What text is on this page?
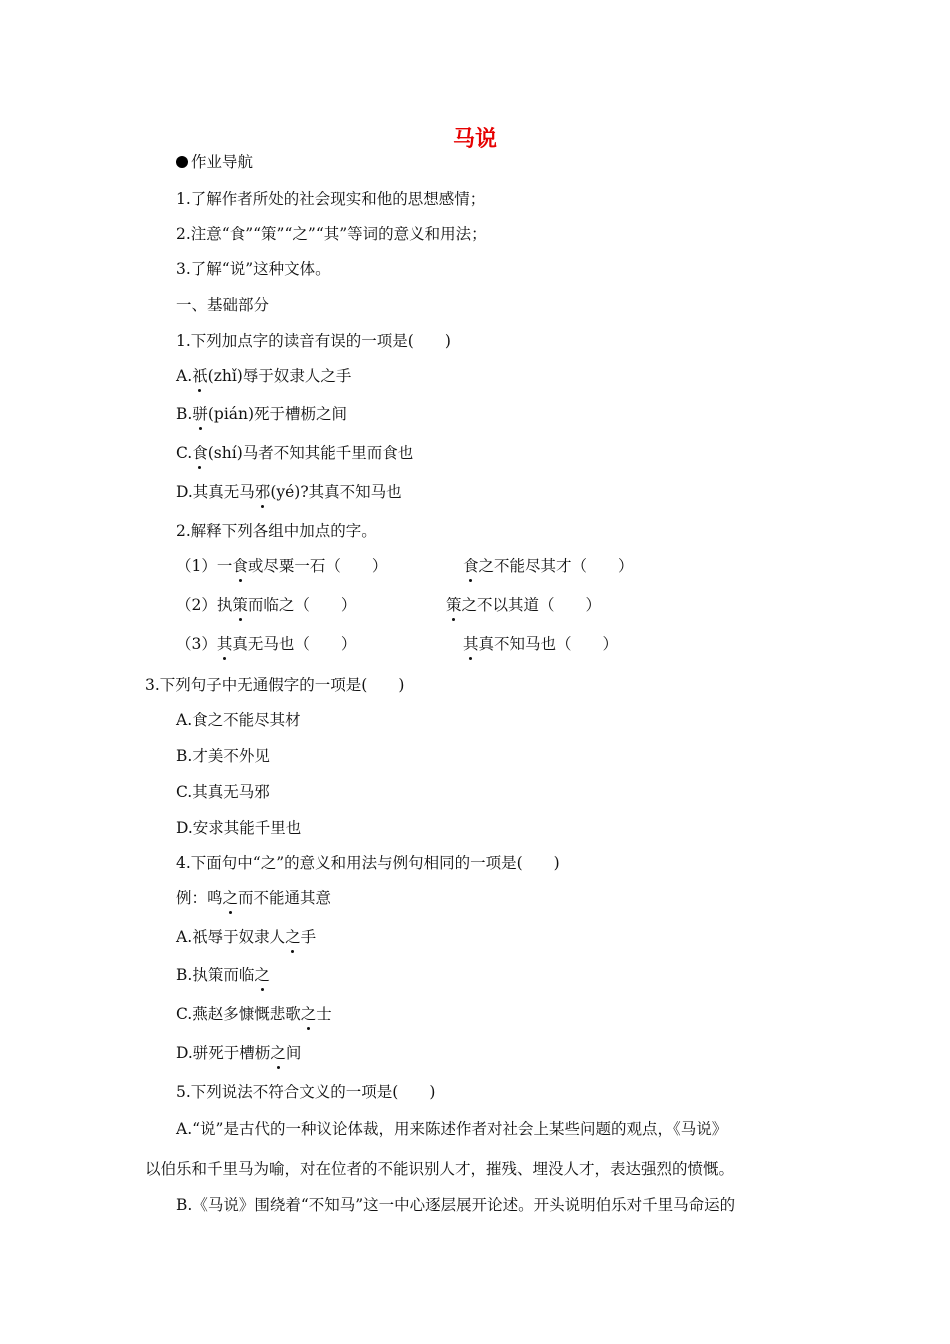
马说
作业导航
1.了解作者所处的社会现实和他的思想感情；
2.注意“食”“策”“之”“其”等词的意义和用法；
3.了解“说”这种文体。
一、基础部分
1.下列加点字的读音有误的一项是(　　)
A.祇(zhǐ)辱于奴隶人之手
B.骈(pián)死于槽枥之间
C.食(shí)马者不知其能千里而食也
D.其真无马邪(yé)?其真不知马也
2.解释下列各组中加点的字。
（1）一食或尽粟一石（　　）	食之不能尽其才（　　）
（2）执策而临之（　　）	策之不以其道（　　）
（3）其真无马也（　　）	其真不知马也（　　）
3.下列句子中无通假字的一项是(　　)
A.食之不能尽其材
B.才美不外见
C.其真无马邪
D.安求其能千里也
4.下面句中“之”的意义和用法与例句相同的一项是(　　)
例：鸣之而不能通其意
A.祇辱于奴隶人之手
B.执策而临之
C.燕赵多慷慨悲歌之士
D.骈死于槽枥之间
5.下列说法不符合文义的一项是(　　)
A.“说”是古代的一种议论体裁，用来陈述作者对社会上某些问题的观点，《马说》
以伯乐和千里马为喻，对在位者的不能识别人才，摧残、埋没人才，表达强烈的愤慨。
B.《马说》围绕着“不知马”这一中心逐层展开论述。开头说明伯乐对千里马命运的
